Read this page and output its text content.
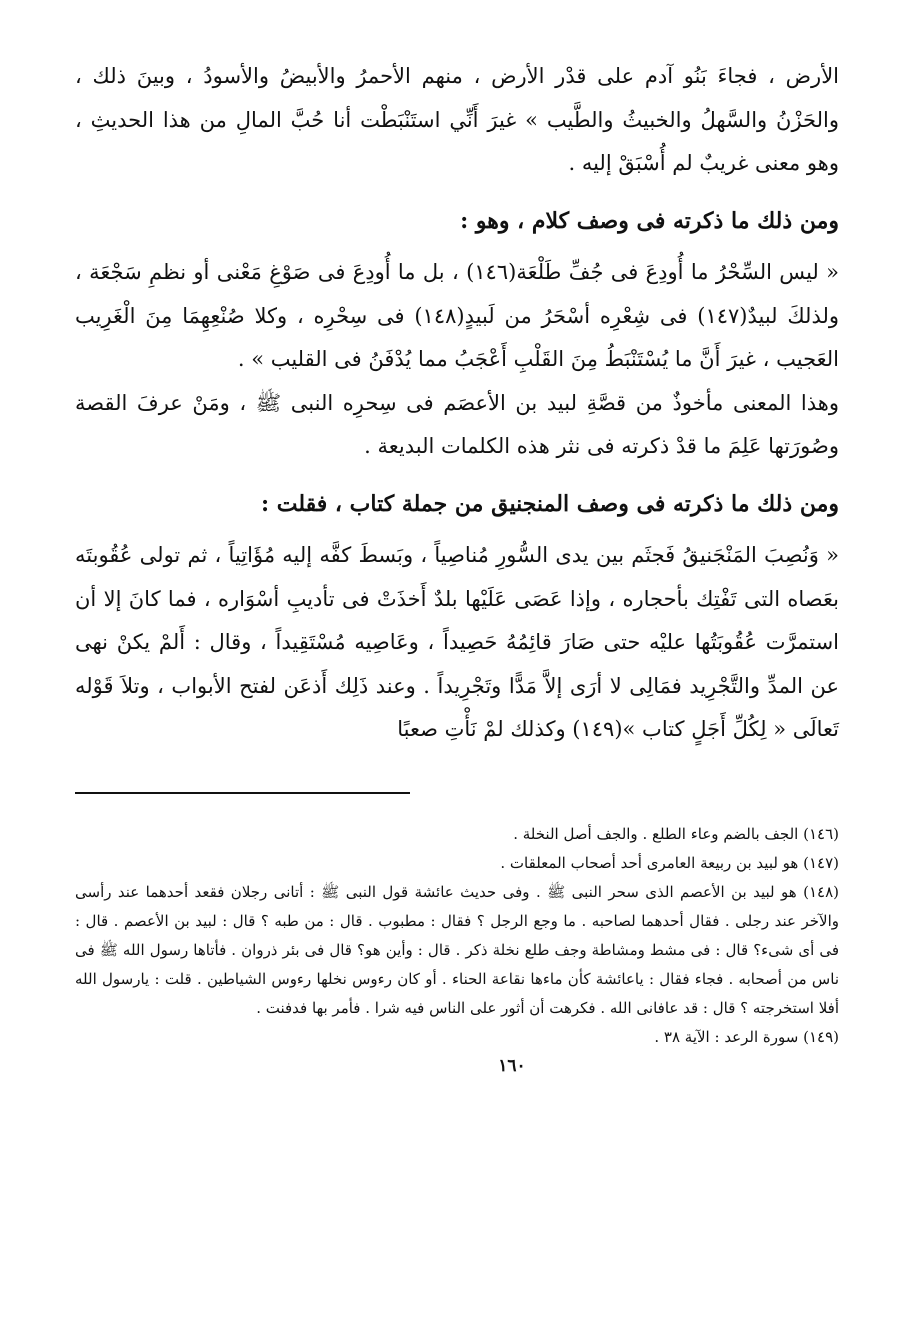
الأرض ، فجاءَ بَنُو آدم على قدْر الأرض ، منهم الأحمرُ والأبيضُ والأسودُ ، وبينَ ذلك ، والحَزْنُ والسَّهلُ والخبيثُ والطَّيب » غيرَ أَنِّي استَنْبَطْت أنا حُبَّ المالِ من هذا الحديثِ ، وهو معنى غريبٌ لم أُسْبَقْ إليه .

ومن ذلك ما ذكرته فى وصف كلام ، وهو :

« ليس السِّحْرُ ما أُودِعَ فى جُفِّ طَلْعَة(١٤٦) ، بل ما أُودِعَ فى صَوْغِ مَعْنى أو نظمِ سَجْعَة ، ولذلكَ لبيدٌ(١٤٧) فى شِعْرِه أسْحَرُ من لَبيدٍ(١٤٨) فى سِحْرِه ، وكلا صُنْعِهِمَا مِنَ الْغَرِيب العَجيب ، غيرَ أَنَّ ما يُسْتَنْبَطُ مِنَ القَلْبِ أَعْجَبُ مما يُدْفَنُ فى القليب » .

وهذا المعنى مأخوذٌ من قصَّةِ لبيد بن الأعصَم فى سِحرِه النبى ﷺ ، ومَنْ عرفَ القصة وصُورَتها عَلِمَ ما قدْ ذكرته فى نثر هذه الكلمات البديعة .

ومن ذلك ما ذكرته فى وصف المنجنيق من جملة كتاب ، فقلت :

« وَنُصِبَ المَنْجَنيقُ فَجثَم بين يدى السُّورِ مُناصِياً ، وبَسطَ كفَّه إليه مُؤَاتِياً ، ثم تولى عُقُوبتَه بعَصاه التى تَفْتِك بأحجاره ، وإذا عَصَى عَلَيْها بلدٌ أَخذَتْ فى تأديبِ أسْوَاره ، فما كانَ إلا أن استمرَّت عُقُوبَتُها عليْه حتى صَارَ قائِمُهُ حَصِيداً ، وعَاصِيه مُسْتَقِيداً ، وقال : أَلمْ يكنْ نهى عن المدِّ والتَّجْرِيد فمَالِى لا أرَى إلاَّ مَدًّا وتَجْرِيداً . وعند ذَلِك أَذعَن لفتح الأبواب ، وتلاَ قَوْله تَعالَى « لِكُلِّ أَجَلٍ كتاب »(١٤٩) وكذلك لمْ نَأْتِ صعبًا

(١٤٦) الجف بالضم وعاء الطلع . والجف أصل النخلة .

(١٤٧) هو لبيد بن ربيعة العامرى أحد أصحاب المعلقات .

(١٤٨) هو لبيد بن الأعصم الذى سحر النبى ﷺ . وفى حديث عائشة قول النبى ﷺ : أتانى رجلان فقعد أحدهما عند رأسى والآخر عند رجلى . فقال أحدهما لصاحبه . ما وجع الرجل ؟ فقال : مطبوب . قال : من طبه ؟ قال : لبيد بن الأعصم . قال : فى أى شىء؟ قال : فى مشط ومشاطة وجف طلع نخلة ذكر . قال : وأين هو؟ قال فى بئر ذروان . فأتاها رسول الله ﷺ فى ناس من أصحابه . فجاء فقال : ياعائشة كأن ماءها نقاعة الحناء . أو كان رءوس نخلها رءوس الشياطين . قلت : يارسول الله أفلا استخرجته ؟ قال : قد عافانى الله . فكرهت أن أثور على الناس فيه شرا . فأمر بها فدفنت .

(١٤٩) سورة الرعد : الآية ٣٨ .

١٦٠
